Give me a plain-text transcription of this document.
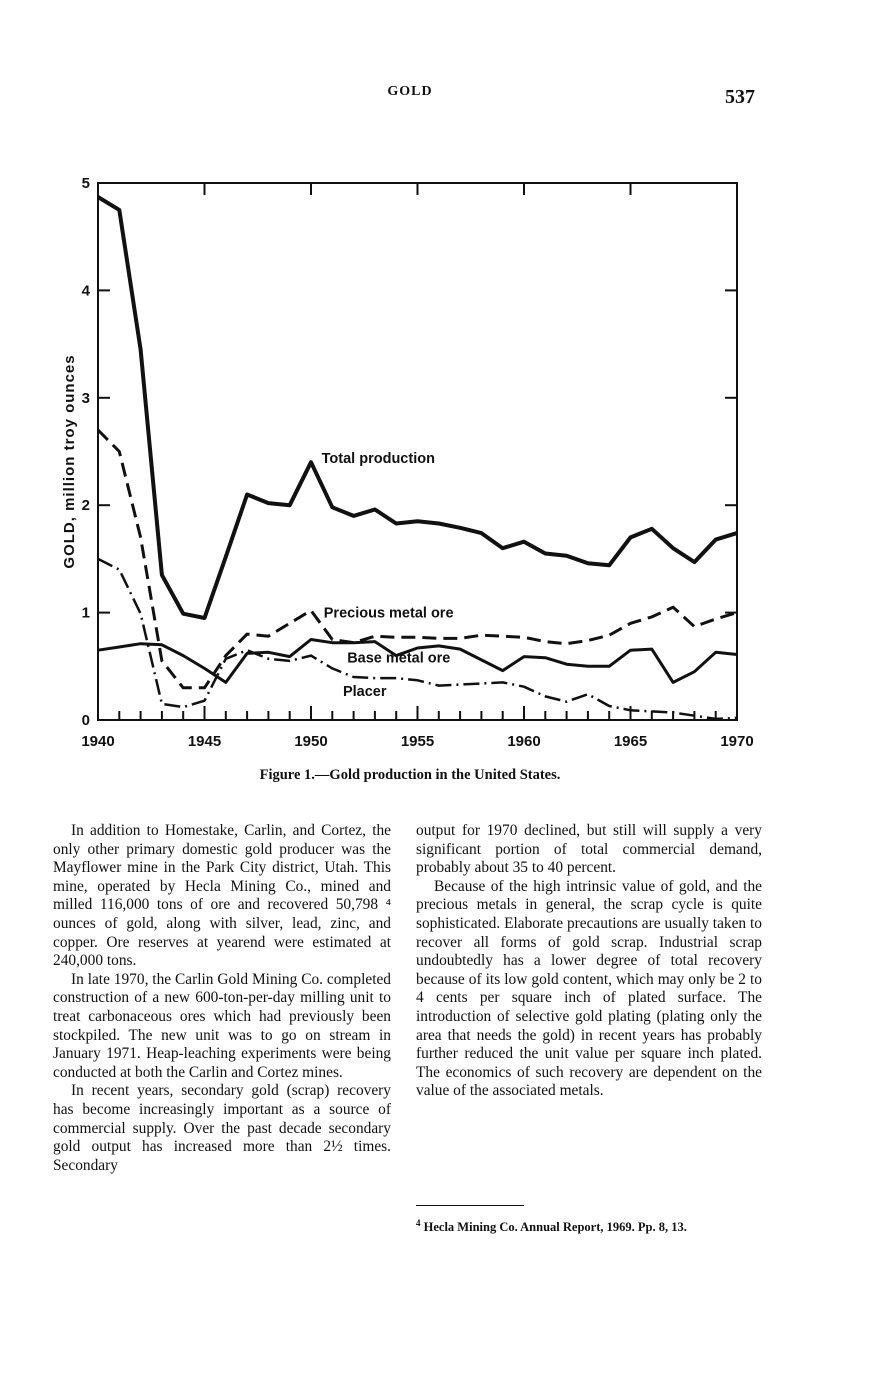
GOLD	537
1940	1945	1950	1955	1960	1965	1970
0
1
2
3
4
5
GOLD, million troy ounces	Total production
Precious metal ore
Base metal ore
Placer
Figure 1.—Gold production in the United States.

In addition to Homestake, Carlin, and Cortez, the only other primary domestic gold producer was the Mayflower mine in the Park City district, Utah. This mine, operated by Hecla Mining Co., mined and milled 116,000 tons of ore and recovered 50,798 ⁴ ounces of gold, along with silver, lead, zinc, and copper. Ore reserves at yearend were estimated at 240,000 tons.

In late 1970, the Carlin Gold Mining Co. completed construction of a new 600-ton-per-day milling unit to treat carbonaceous ores which had previously been stockpiled. The new unit was to go on stream in January 1971. Heap-leaching experiments were being conducted at both the Carlin and Cortez mines.

In recent years, secondary gold (scrap) recovery has become increasingly important as a source of commercial supply. Over the past decade secondary gold output has increased more than 2½ times. Secondary

output for 1970 declined, but still will supply a very significant portion of total commercial demand, probably about 35 to 40 percent.

Because of the high intrinsic value of gold, and the precious metals in general, the scrap cycle is quite sophisticated. Elaborate precautions are usually taken to recover all forms of gold scrap. Industrial scrap undoubtedly has a lower degree of total recovery because of its low gold content, which may only be 2 to 4 cents per square inch of plated surface. The introduction of selective gold plating (plating only the area that needs the gold) in recent years has probably further reduced the unit value per square inch plated. The economics of such recovery are dependent on the value of the associated metals.

$^4$ Hecla Mining Co. Annual Report, 1969. Pp. 8, 13.
